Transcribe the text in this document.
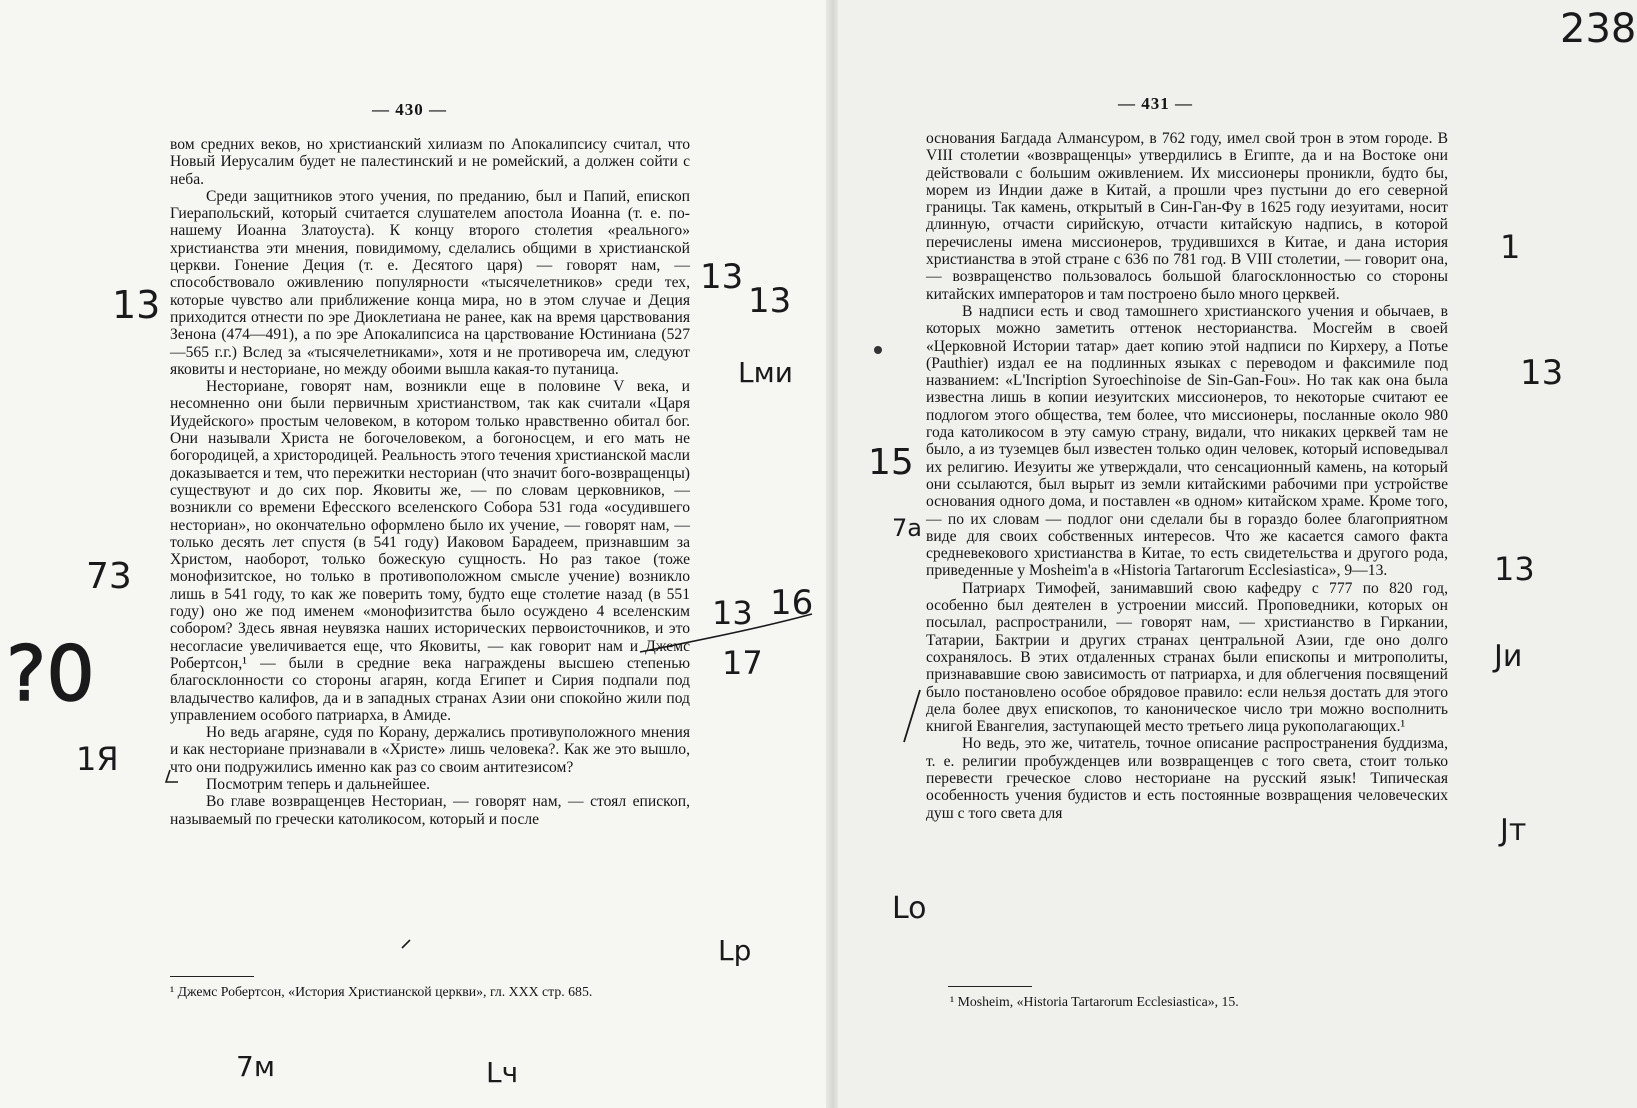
— 430 —

вом средних веков, но христианский хилиазм по Апокалипсису считал, что Новый Иерусалим будет не палестинский и не ромейский, а должен сойти с неба.

Среди защитников этого учения, по преданию, был и Папий, епископ Гиерапольский, который считается слушателем апостола Иоанна (т. е. по-нашему Иоанна Златоуста). К концу второго столетия «реального» христианства эти мнения, повидимому, сделались общими в христианской церкви. Гонение Деция (т. е. Десятого царя) — говорят нам, — способствовало оживлению популярности «тысячелетников» среди тех, которые чувство али приближение конца мира, но в этом случае и Деция приходится отнести по эре Диоклетиана не ранее, как на время царствования Зенона (474—491), а по эре Апокалипсиса на царствование Юстиниана (527—565 г.г.) Вслед за «тысячелетниками», хотя и не противореча им, следуют яковиты и несториане, но между обоими вышла какая-то путаница.

Несториане, говорят нам, возникли еще в половине V века, и несомненно они были первичным христианством, так как считали «Царя Иудейского» простым человеком, в котором только нравственно обитал бог. Они называли Христа не богочеловеком, а богоносцем, и его мать не богородицей, а христородицей. Реальность этого течения христианской масли доказывается и тем, что пережитки несториан (что значит бого-возвращенцы) существуют и до сих пор. Яковиты же, — по словам церковников, — возникли со времени Ефесского вселенского Собора 531 года «осудившего несториан», но окончательно оформлено было их учение, — говорят нам, — только десять лет спустя (в 541 году) Иаковом Барадеем, признавшим за Христом, наоборот, только божескую сущность. Но раз такое (тоже монофизитское, но только в противоположном смысле учение) возникло лишь в 541 году, то как же поверить тому, будто еще столетие назад (в 551 году) оно же под именем «монофизитства было осуждено 4 вселенским собором? Здесь явная неувязка наших исторических первоисточников, и это несогласие увеличивается еще, что Яковиты, — как говорит нам и Джемс Робертсон,¹ — были в средние века награждены высшею степенью благосклонности со стороны агарян, когда Египет и Сирия подпали под владычество калифов, да и в западных странах Азии они спокойно жили под управлением особого патриарха, в Амиде.

Но ведь агаряне, судя по Корану, держались противуположного мнения и как несториане признавали в «Христе» лишь человека?. Как же это вышло, что они подружились именно как раз со своим антитезисом?

Посмотрим теперь и дальнейшее.

Во главе возвращенцев Несториан, — говорят нам, — стоял епископ, называемый по гречески католикосом, который и после

¹ Джемс Робертсон, «История Христианской церкви», гл. XXX стр. 685.
— 431 —

основания Багдада Алмансуром, в 762 году, имел свой трон в этом городе. В VIII столетии «возвращенцы» утвердились в Египте, да и на Востоке они действовали с большим оживлением. Их миссионеры проникли, будто бы, морем из Индии даже в Китай, а прошли чрез пустыни до его северной границы. Так камень, открытый в Син-Ган-Фу в 1625 году иезуитами, носит длинную, отчасти сирийскую, отчасти китайскую надпись, в которой перечислены имена миссионеров, трудившихся в Китае, и дана история христианства в этой стране с 636 по 781 год. В VIII столетии, — говорит она, — возвращенство пользовалось большой благосклонностью со стороны китайских императоров и там построено было много церквей.

В надписи есть и свод тамошнего христианского учения и обычаев, в которых можно заметить оттенок несторианства. Мосгейм в своей «Церковной Истории татар» дает копию этой надписи по Кирхеру, а Потье (Pauthier) издал ее на подлинных языках с переводом и факсимиле под названием: «L'Incription Syroechinoise de Sin-Gan-Fou». Но так как она была известна лишь в копии иезуитских миссионеров, то некоторые считают ее подлогом этого общества, тем более, что миссионеры, посланные около 980 года католикосом в эту самую страну, видали, что никаких церквей там не было, а из туземцев был известен только один человек, который исповедывал их религию. Иезуиты же утверждали, что сенсационный камень, на который они ссылаются, был вырыт из земли китайскими рабочими при устройстве основания одного дома, и поставлен «в одном» китайском храме. Кроме того, — по их словам — подлог они сделали бы в гораздо более благоприятном виде для своих собственных интересов. Что же касается самого факта средневекового христианства в Китае, то есть свидетельства и другого рода, приведенные у Mosheim'а в «Historia Tartarorum Ecclesiastica», 9—13.

Патриарх Тимофей, занимавший свою кафедру с 777 по 820 год, особенно был деятелен в устроении миссий. Проповедники, которых он посылал, распространили, — говорят нам, — христианство в Гиркании, Татарии, Бактрии и других странах центральной Азии, где оно долго сохранялось. В этих отдаленных странах были епископы и митрополиты, признававшие свою зависимость от патриарха, и для облегчения посвящений было постановлено особое обрядовое правило: если нельзя достать для этого дела более двух епископов, то каноническое число три можно восполнить книгой Евангелия, заступающей место третьего лица рукополагающих.¹

Но ведь, это же, читатель, точное описание распространения буддизма, т. е. религии пробужденцев или возвращенцев с того света, стоит только перевести греческое слово несториане на русский язык! Типическая особенность учения будистов и есть постоянные возвращения человеческих душ с того света для

¹ Mosheim, «Historia Tartarorum Ecclesiastica», 15.
238
13
73
?0
1Я
13
13
Lми
13 16
17
Lр
7м	Lч
1
13
15
7а
13
Jи
Jт
Lo
